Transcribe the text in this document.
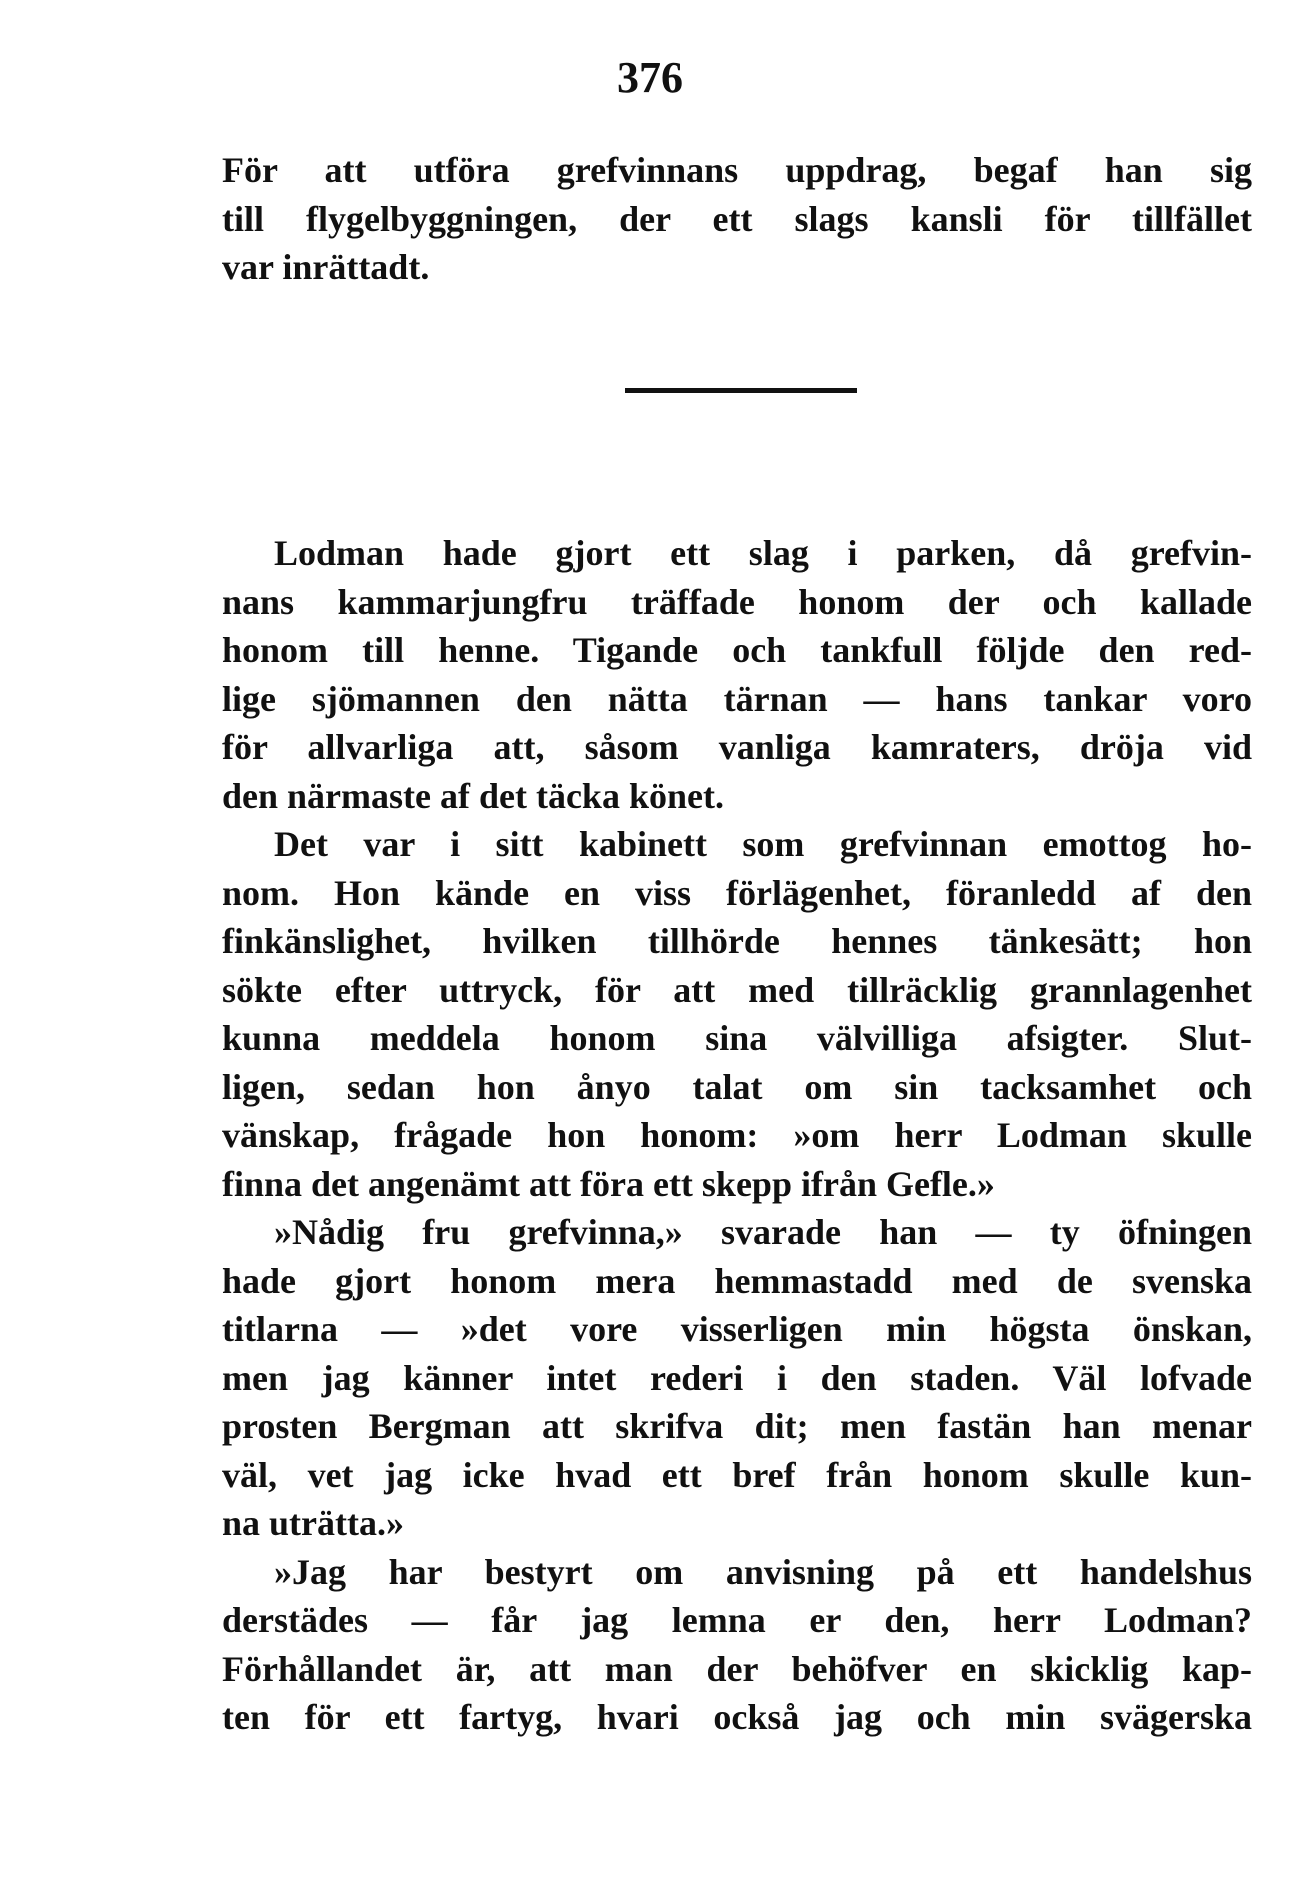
376
För att utföra grefvinnans uppdrag, begaf han sig
till flygelbyggningen, der ett slags kansli för tillfället
var inrättadt.
Lodman hade gjort ett slag i parken, då grefvin-
nans kammarjungfru träffade honom der och kallade
honom till henne. Tigande och tankfull följde den red-
lige sjömannen den nätta tärnan — hans tankar voro
för allvarliga att, såsom vanliga kamraters, dröja vid
den närmaste af det täcka könet.
Det var i sitt kabinett som grefvinnan emottog ho-
nom. Hon kände en viss förlägenhet, föranledd af den
finkänslighet, hvilken tillhörde hennes tänkesätt; hon
sökte efter uttryck, för att med tillräcklig grannlagenhet
kunna meddela honom sina välvilliga afsigter. Slut-
ligen, sedan hon ånyo talat om sin tacksamhet och
vänskap, frågade hon honom: »om herr Lodman skulle
finna det angenämt att föra ett skepp ifrån Gefle.»
»Nådig fru grefvinna,» svarade han — ty öfningen
hade gjort honom mera hemmastadd med de svenska
titlarna — »det vore visserligen min högsta önskan,
men jag känner intet rederi i den staden. Väl lofvade
prosten Bergman att skrifva dit; men fastän han menar
väl, vet jag icke hvad ett bref från honom skulle kun-
na uträtta.»
»Jag har bestyrt om anvisning på ett handelshus
derstädes — får jag lemna er den, herr Lodman?
Förhållandet är, att man der behöfver en skicklig kap-
ten för ett fartyg, hvari också jag och min svägerska
